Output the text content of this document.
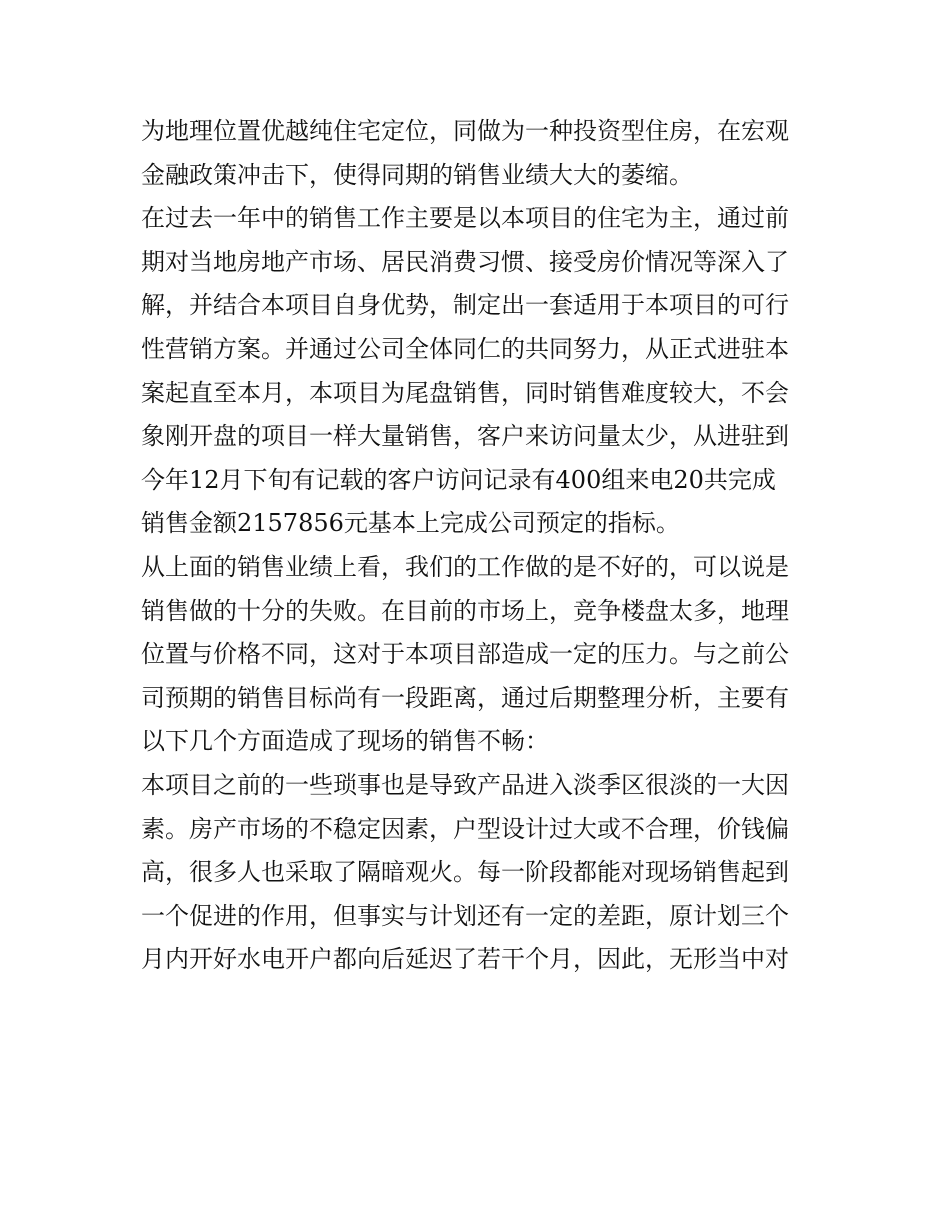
为地理位置优越纯住宅定位，同做为一种投资型住房，在宏观
金融政策冲击下，使得同期的销售业绩大大的萎缩。
在过去一年中的销售工作主要是以本项目的住宅为主，通过前
期对当地房地产市场、居民消费习惯、接受房价情况等深入了
解，并结合本项目自身优势，制定出一套适用于本项目的可行
性营销方案。并通过公司全体同仁的共同努力，从正式进驻本
案起直至本月，本项目为尾盘销售，同时销售难度较大，不会
象刚开盘的项目一样大量销售，客户来访问量太少，从进驻到
今年12月下旬有记载的客户访问记录有400组来电20共完成
销售金额2157856元基本上完成公司预定的指标。
从上面的销售业绩上看，我们的工作做的是不好的，可以说是
销售做的十分的失败。在目前的市场上，竞争楼盘太多，地理
位置与价格不同，这对于本项目部造成一定的压力。与之前公
司预期的销售目标尚有一段距离，通过后期整理分析，主要有
以下几个方面造成了现场的销售不畅：
本项目之前的一些琐事也是导致产品进入淡季区很淡的一大因
素。房产市场的不稳定因素，户型设计过大或不合理，价钱偏
高，很多人也采取了隔暗观火。每一阶段都能对现场销售起到
一个促进的作用，但事实与计划还有一定的差距，原计划三个
月内开好水电开户都向后延迟了若干个月，因此，无形当中对
